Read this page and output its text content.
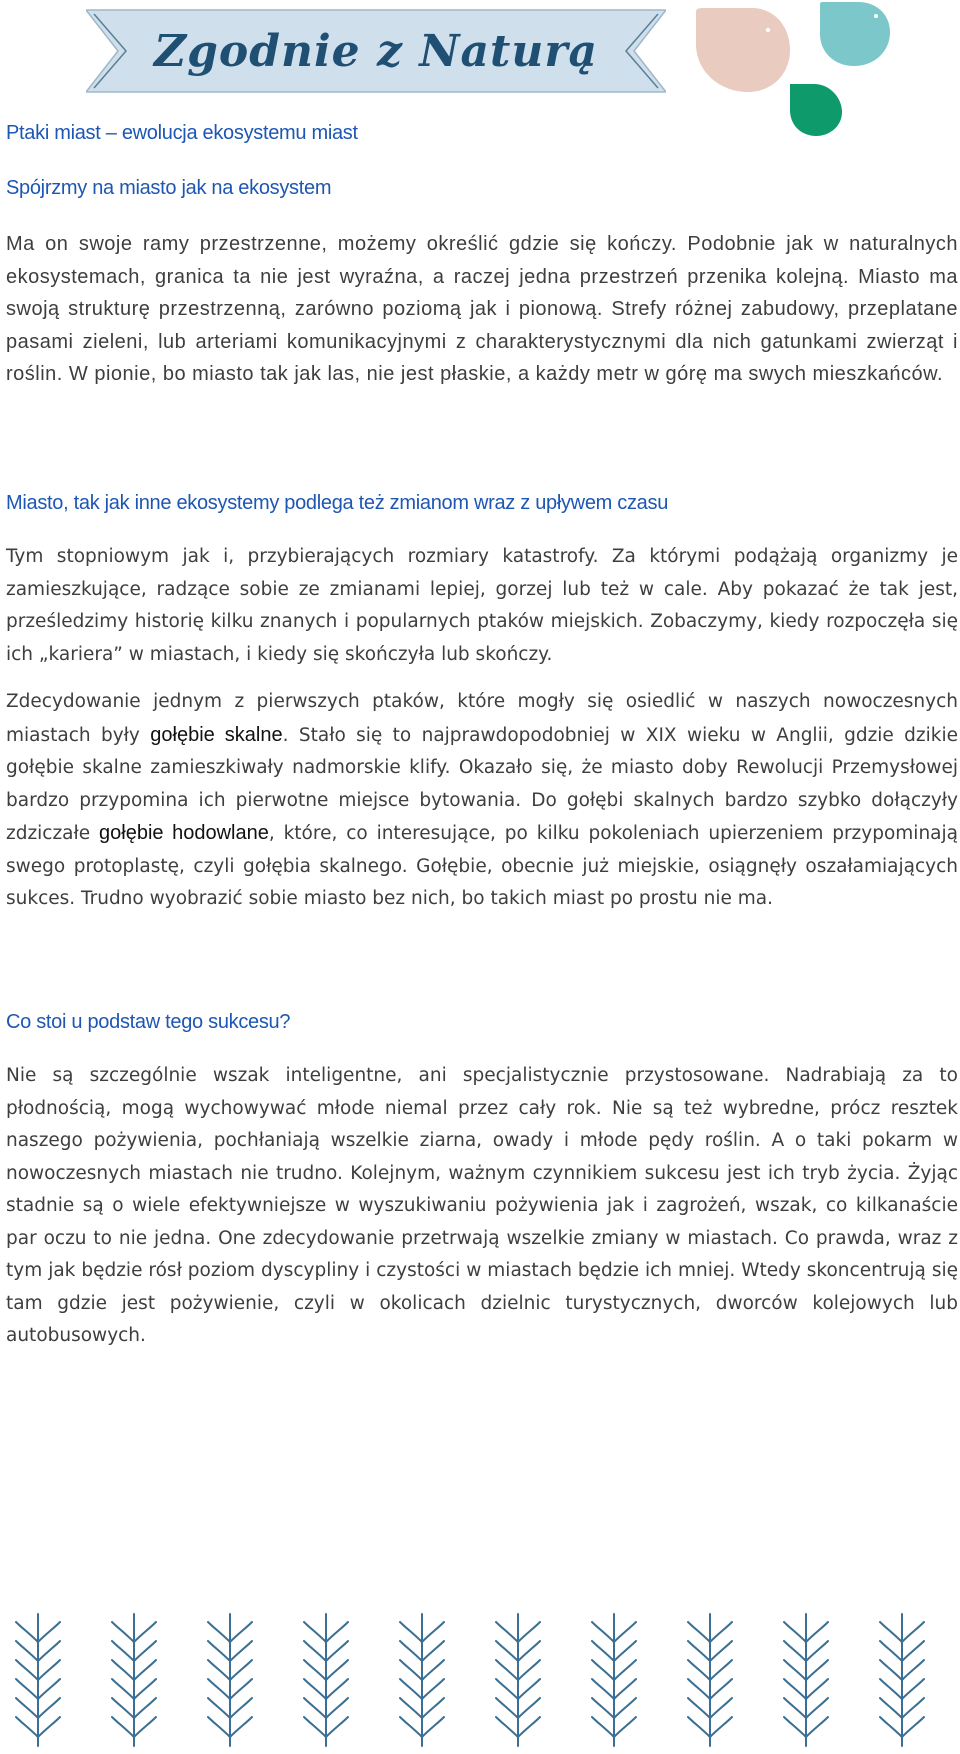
Zgodnie z Naturą
Ptaki miast – ewolucja ekosystemu miast
Spójrzmy na miasto jak na ekosystem

Ma on swoje ramy przestrzenne, możemy określić gdzie się kończy. Podobnie jak w naturalnych ekosystemach, granica ta nie jest wyraźna, a raczej jedna przestrzeń przenika kolejną. Miasto ma swoją strukturę przestrzenną, zarówno poziomą jak i pionową. Strefy różnej zabudowy, przeplatane pasami zieleni, lub arteriami komunikacyjnymi z charakterystycznymi dla nich gatunkami zwierząt i roślin. W pionie, bo miasto tak jak las, nie jest płaskie, a każdy metr w górę ma swych mieszkańców.

Miasto, tak jak inne ekosystemy podlega też zmianom wraz z upływem czasu

Tym stopniowym jak i, przybierających rozmiary katastrofy. Za którymi podążają organizmy je zamieszkujące, radzące sobie ze zmianami lepiej, gorzej lub też w cale. Aby pokazać że tak jest, prześledzimy historię kilku znanych i popularnych ptaków miejskich. Zobaczymy, kiedy rozpoczęła się ich „kariera” w miastach, i kiedy się skończyła lub skończy.

Zdecydowanie jednym z pierwszych ptaków, które mogły się osiedlić w naszych nowoczesnych miastach były gołębie skalne. Stało się to najprawdopodobniej w XIX wieku w Anglii, gdzie dzikie gołębie skalne zamieszkiwały nadmorskie klify. Okazało się, że miasto doby Rewolucji Przemysłowej bardzo przypomina ich pierwotne miejsce bytowania. Do gołębi skalnych bardzo szybko dołączyły zdziczałe gołębie hodowlane, które, co interesujące, po kilku pokoleniach upierzeniem przypominają swego protoplastę, czyli gołębia skalnego. Gołębie, obecnie już miejskie, osiągnęły oszałamiających sukces. Trudno wyobrazić sobie miasto bez nich, bo takich miast po prostu nie ma.

Co stoi u podstaw tego sukcesu?

Nie są szczególnie wszak inteligentne, ani specjalistycznie przystosowane. Nadrabiają za to płodnością, mogą wychowywać młode niemal przez cały rok. Nie są też wybredne, prócz resztek naszego pożywienia, pochłaniają wszelkie ziarna, owady i młode pędy roślin. A o taki pokarm w nowoczesnych miastach nie trudno. Kolejnym, ważnym czynnikiem sukcesu jest ich tryb życia. Żyjąc stadnie są o wiele efektywniejsze w wyszukiwaniu pożywienia jak i zagrożeń, wszak, co kilkanaście par oczu to nie jedna. One zdecydowanie przetrwają wszelkie zmiany w miastach. Co prawda, wraz z tym jak będzie rósł poziom dyscypliny i czystości w miastach będzie ich mniej. Wtedy skoncentrują się tam gdzie jest pożywienie, czyli w okolicach dzielnic turystycznych, dworców kolejowych lub autobusowych.
